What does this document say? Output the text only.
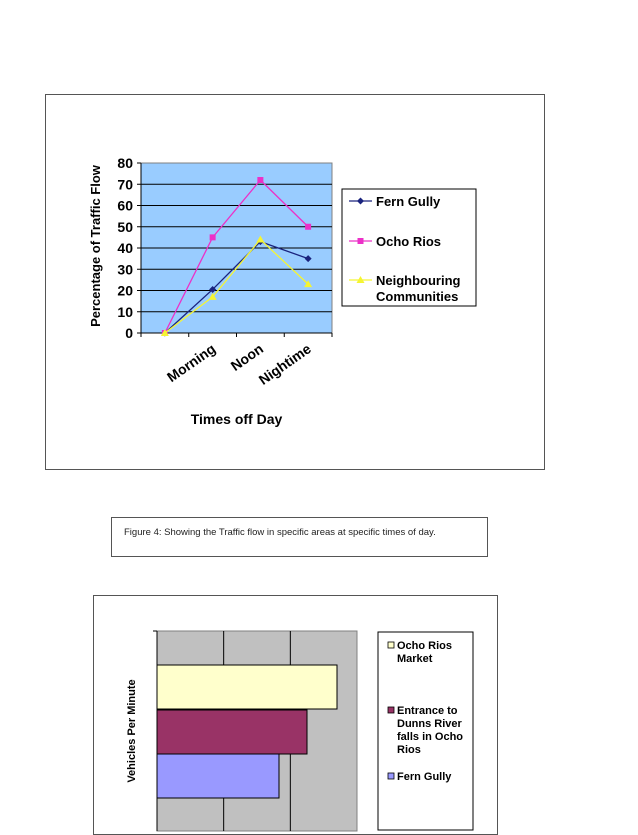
Figure 4: Showing the Traffic flow in specific areas at specific times of day.
0
10
20
30
40
50
60
70
80
Morning Noon
Nightime
Times off Day
Percentage of Traffic Flow	Fern Gully
Ocho Rios
Neighbouring Communities
Vehicles Per Minute
Ocho Rios Market
Entrance to Dunns River falls in Ocho Rios
Fern Gully
